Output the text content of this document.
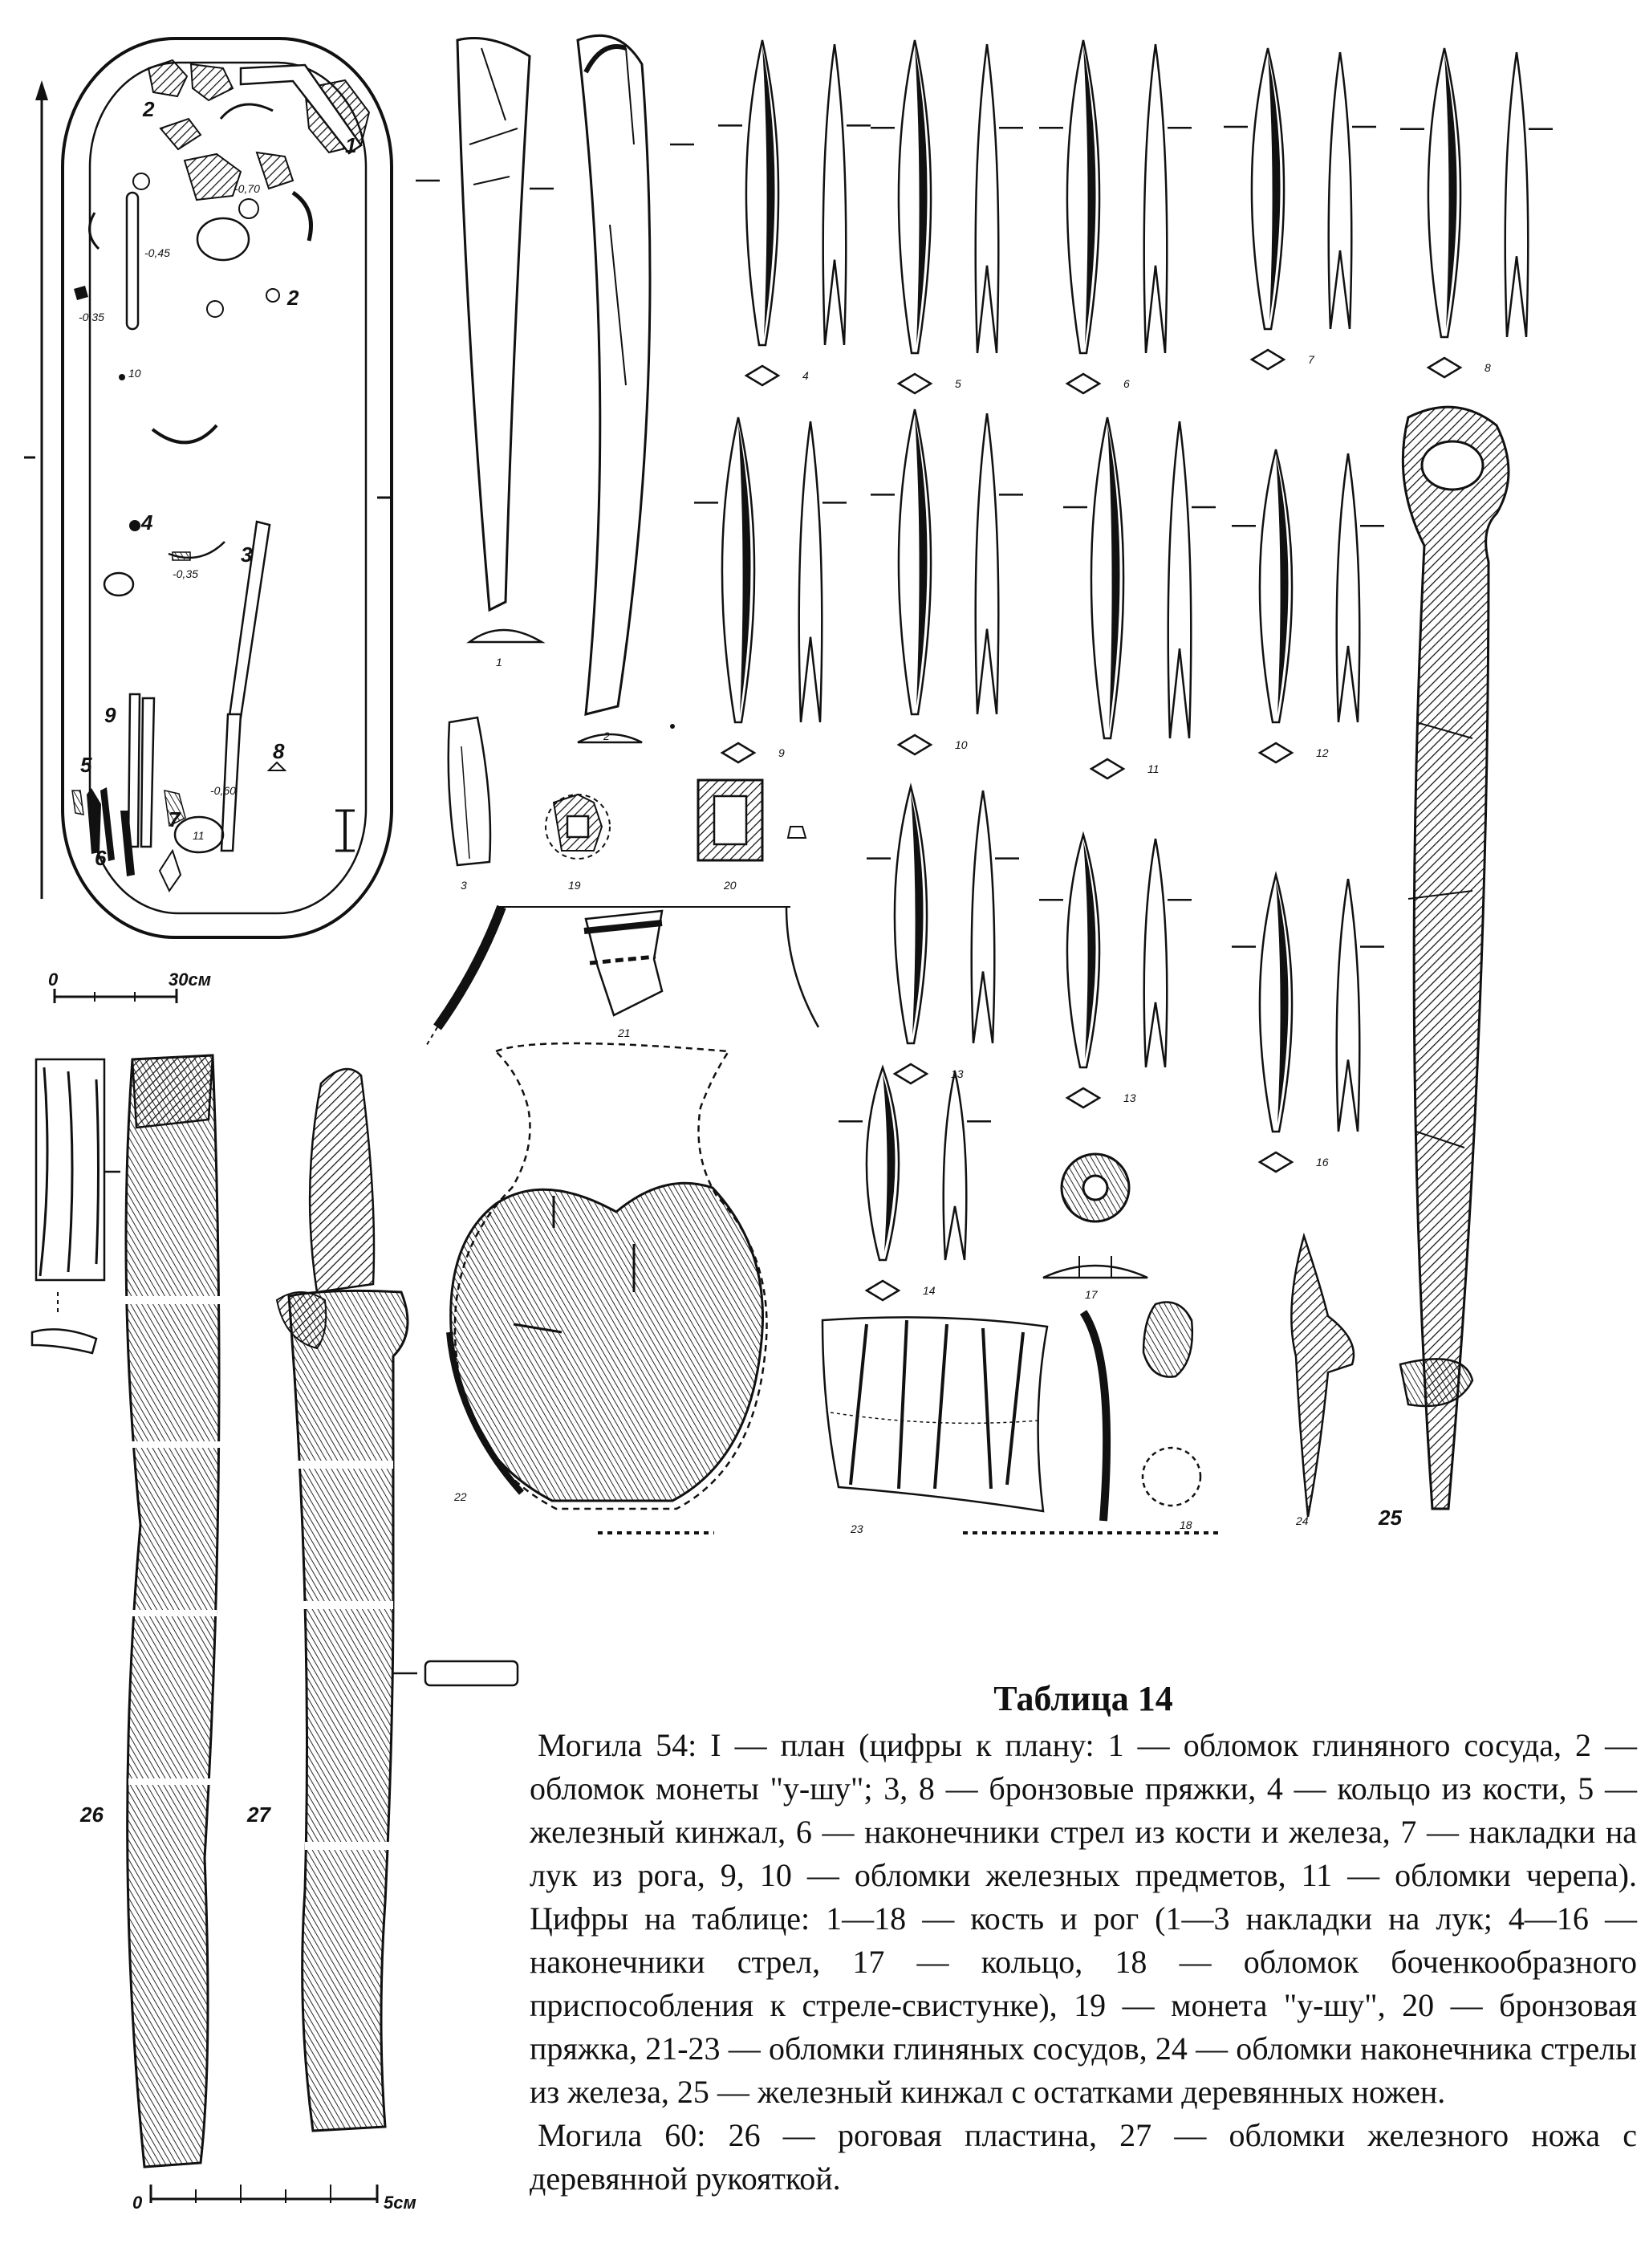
-0,70
-0,45
-0,35
-0,35
-0,60
1
2
2
3
4
5
6
7
8
9
10
11
0	30см
1
2
3
4
5	6
7
8
9
10
11
12
13
13
14
16
19	20
21
22
23
17
18	24	25
26	27
0	5см
Таблица 14

Могила 54: I — план (цифры к плану: 1 — обломок глиняного сосуда, 2 — обломок монеты "у-шу"; 3, 8 — бронзовые пряжки, 4 — кольцо из кости, 5 — железный кинжал, 6 — наконечники стрел из кости и железа, 7 — накладки на лук из рога, 9, 10 — обломки железных предметов, 11 — обломки черепа). Цифры на таблице: 1—18 — кость и рог (1—3 накладки на лук; 4—16 — наконечники стрел, 17 — кольцо, 18 — обломок боченкообразного приспособления к стреле-свистунке), 19 — монета "у-шу", 20 — бронзовая пряжка, 21-23 — обломки глиняных сосудов, 24 — обломки наконечника стрелы из железа, 25 — железный кинжал с остатками деревянных ножен.

Могила 60: 26 — роговая пластина, 27 — обломки железного ножа с деревянной рукояткой.
